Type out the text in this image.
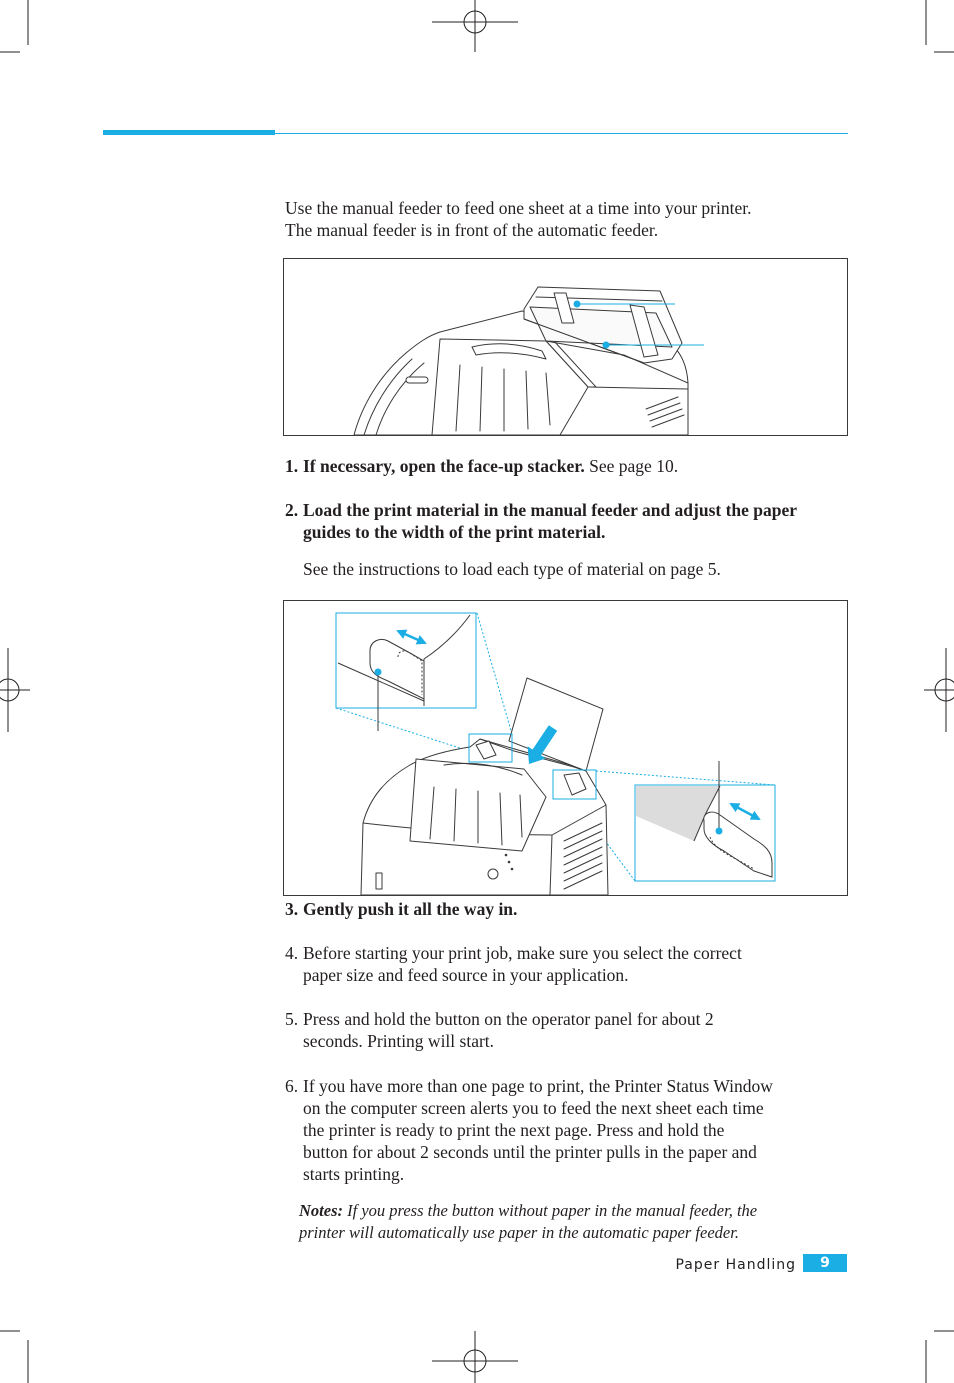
Use the manual feeder to feed one sheet at a time into your printer.
The manual feeder is in front of the automatic feeder.
1. If necessary, open the face-up stacker. See page 10.
2. Load the print material in the manual feeder and adjust the paper
guides to the width of the print material.
See the instructions to load each type of material on page 5.
3. Gently push it all the way in.
4. Before starting your print job, make sure you select the correct
paper size and feed source in your application.
5. Press and hold the button on the operator panel for about 2
seconds. Printing will start.
6. If you have more than one page to print, the Printer Status Window
on the computer screen alerts you to feed the next sheet each time
the printer is ready to print the next page. Press and hold the
button for about 2 seconds until the printer pulls in the paper and
starts printing.
Notes: If you press the button without paper in the manual feeder, the
printer will automatically use paper in the automatic paper feeder.
Paper Handling	9
